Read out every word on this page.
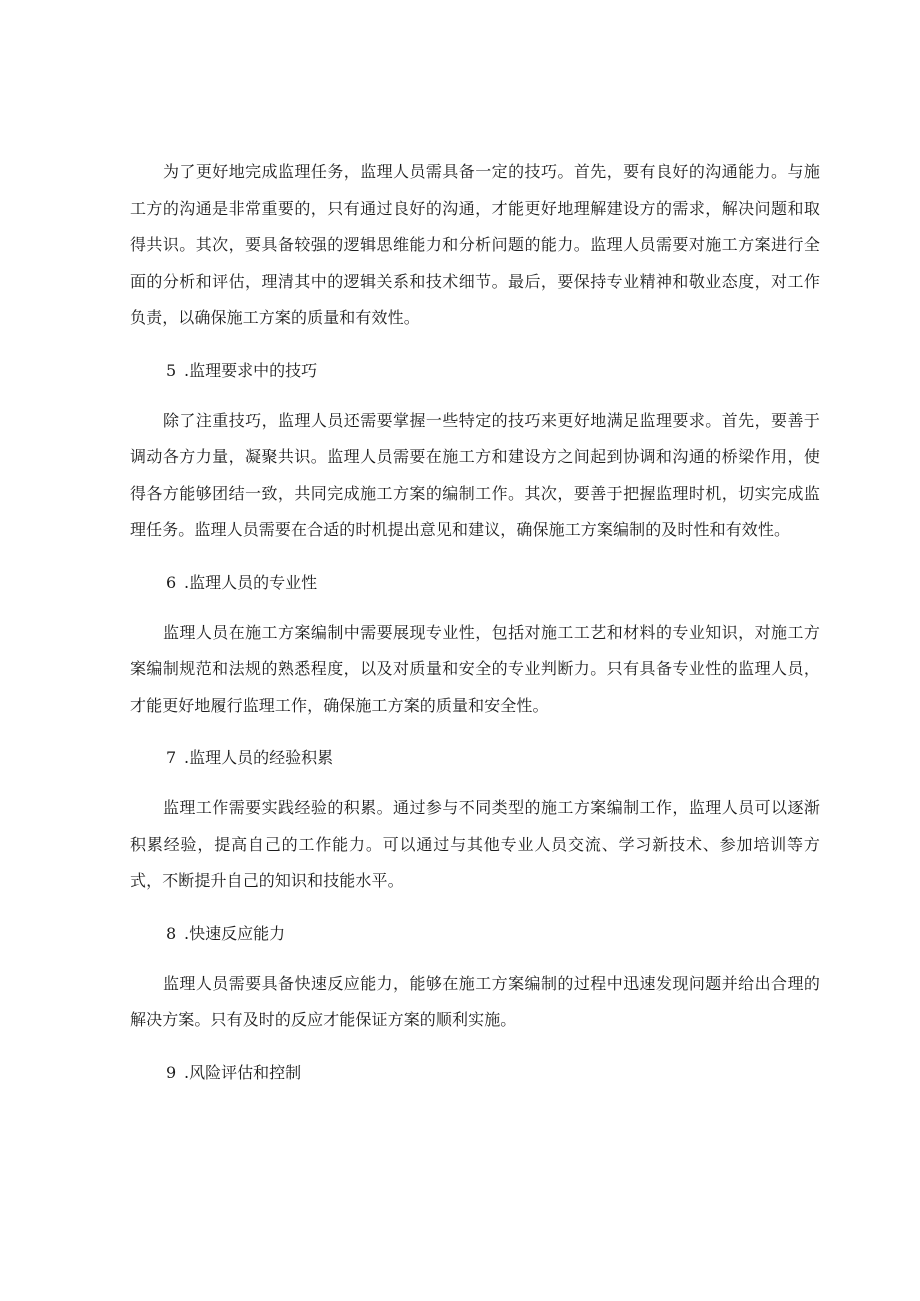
为了更好地完成监理任务，监理人员需具备一定的技巧。首先，要有良好的沟通能力。与施工方的沟通是非常重要的，只有通过良好的沟通，才能更好地理解建设方的需求，解决问题和取得共识。其次，要具备较强的逻辑思维能力和分析问题的能力。监理人员需要对施工方案进行全面的分析和评估，理清其中的逻辑关系和技术细节。最后，要保持专业精神和敬业态度，对工作负责，以确保施工方案的质量和有效性。

5 .监理要求中的技巧

除了注重技巧，监理人员还需要掌握一些特定的技巧来更好地满足监理要求。首先，要善于调动各方力量，凝聚共识。监理人员需要在施工方和建设方之间起到协调和沟通的桥梁作用，使得各方能够团结一致，共同完成施工方案的编制工作。其次，要善于把握监理时机，切实完成监理任务。监理人员需要在合适的时机提出意见和建议，确保施工方案编制的及时性和有效性。

6 .监理人员的专业性

监理人员在施工方案编制中需要展现专业性，包括对施工工艺和材料的专业知识，对施工方案编制规范和法规的熟悉程度，以及对质量和安全的专业判断力。只有具备专业性的监理人员，才能更好地履行监理工作，确保施工方案的质量和安全性。

7 .监理人员的经验积累

监理工作需要实践经验的积累。通过参与不同类型的施工方案编制工作，监理人员可以逐渐积累经验，提高自己的工作能力。可以通过与其他专业人员交流、学习新技术、参加培训等方式，不断提升自己的知识和技能水平。

8 .快速反应能力

监理人员需要具备快速反应能力，能够在施工方案编制的过程中迅速发现问题并给出合理的解决方案。只有及时的反应才能保证方案的顺利实施。

9 .风险评估和控制
